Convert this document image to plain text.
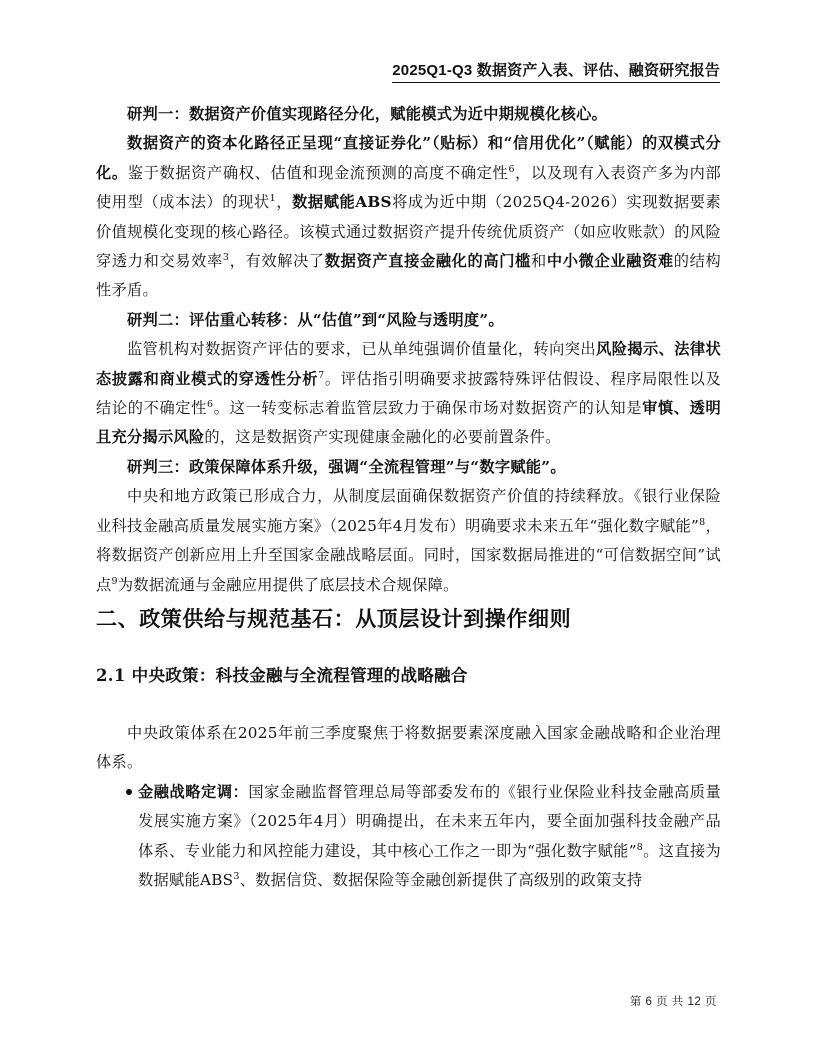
2025Q1-Q3 数据资产入表、评估、融资研究报告

研判一：数据资产价值实现路径分化，赋能模式为近中期规模化核心。

数据资产的资本化路径正呈现“直接证券化”（贴标）和“信用优化”（赋能）的双模式分化。鉴于数据资产确权、估值和现金流预测的高度不确定性$^6$，以及现有入表资产多为内部使用型（成本法）的现状$^1$，数据赋能ABS将成为近中期（2025Q4-2026）实现数据要素价值规模化变现的核心路径。该模式通过数据资产提升传统优质资产（如应收账款）的风险穿透力和交易效率$^3$，有效解决了数据资产直接金融化的高门槛和中小微企业融资难的结构性矛盾。

研判二：评估重心转移：从“估值”到“风险与透明度”。

监管机构对数据资产评估的要求，已从单纯强调价值量化，转向突出风险揭示、法律状态披露和商业模式的穿透性分析$^7$。评估指引明确要求披露特殊评估假设、程序局限性以及结论的不确定性$^6$。这一转变标志着监管层致力于确保市场对数据资产的认知是审慎、透明且充分揭示风险的，这是数据资产实现健康金融化的必要前置条件。

研判三：政策保障体系升级，强调“全流程管理”与“数字赋能”。

中央和地方政策已形成合力，从制度层面确保数据资产价值的持续释放。《银行业保险业科技金融高质量发展实施方案》（2025年4月发布）明确要求未来五年“强化数字赋能”$^8$，将数据资产创新应用上升至国家金融战略层面。同时，国家数据局推进的“可信数据空间”试点$^9$为数据流通与金融应用提供了底层技术合规保障。

二、政策供给与规范基石：从顶层设计到操作细则
2.1 中央政策：科技金融与全流程管理的战略融合

中央政策体系在2025年前三季度聚焦于将数据要素深度融入国家金融战略和企业治理体系。

金融战略定调：国家金融监督管理总局等部委发布的《银行业保险业科技金融高质量发展实施方案》（2025年4月）明确提出，在未来五年内，要全面加强科技金融产品体系、专业能力和风控能力建设，其中核心工作之一即为“强化数字赋能”$^8$。这直接为数据赋能ABS$^3$、数据信贷、数据保险等金融创新提供了高级别的政策支持

第 6 页 共 12 页
